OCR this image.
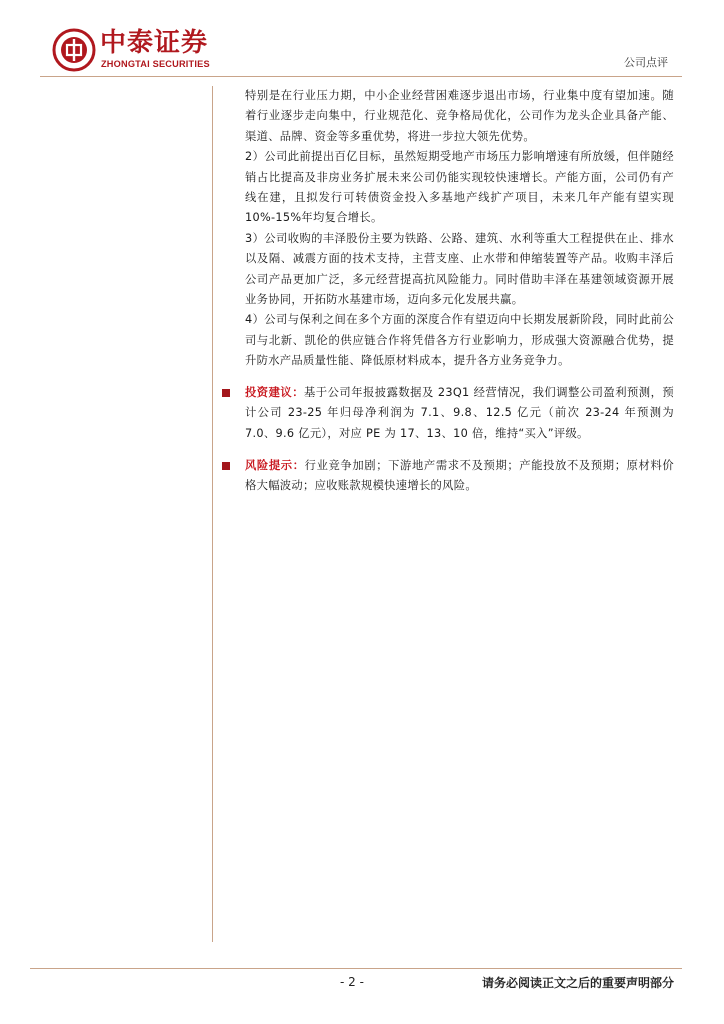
中泰证券
ZHONGTAI SECURITIES	公司点评

特别是在行业压力期，中小企业经营困难逐步退出市场，行业集中度有望加速。随着行业逐步走向集中，行业规范化、竞争格局优化，公司作为龙头企业具备产能、渠道、品牌、资金等多重优势，将进一步拉大领先优势。

2）公司此前提出百亿目标，虽然短期受地产市场压力影响增速有所放缓，但伴随经销占比提高及非房业务扩展未来公司仍能实现较快速增长。产能方面，公司仍有产线在建，且拟发行可转债资金投入多基地产线扩产项目，未来几年产能有望实现 10%-15%年均复合增长。

3）公司收购的丰泽股份主要为铁路、公路、建筑、水利等重大工程提供在止、排水以及隔、减震方面的技术支持，主营支座、止水带和伸缩装置等产品。收购丰泽后公司产品更加广泛，多元经营提高抗风险能力。同时借助丰泽在基建领域资源开展业务协同，开拓防水基建市场，迈向多元化发展共赢。

4）公司与保利之间在多个方面的深度合作有望迈向中长期发展新阶段，同时此前公司与北新、凯伦的供应链合作将凭借各方行业影响力，形成强大资源融合优势，提升防水产品质量性能、降低原材料成本，提升各方业务竞争力。

投资建议：基于公司年报披露数据及 23Q1 经营情况，我们调整公司盈利预测，预计公司 23-25 年归母净利润为 7.1、9.8、12.5 亿元（前次 23-24 年预测为 7.0、9.6 亿元），对应 PE 为 17、13、10 倍，维持“买入”评级。

风险提示：行业竞争加剧；下游地产需求不及预期；产能投放不及预期；原材料价格大幅波动；应收账款规模快速增长的风险。

- 2 -	请务必阅读正文之后的重要声明部分
